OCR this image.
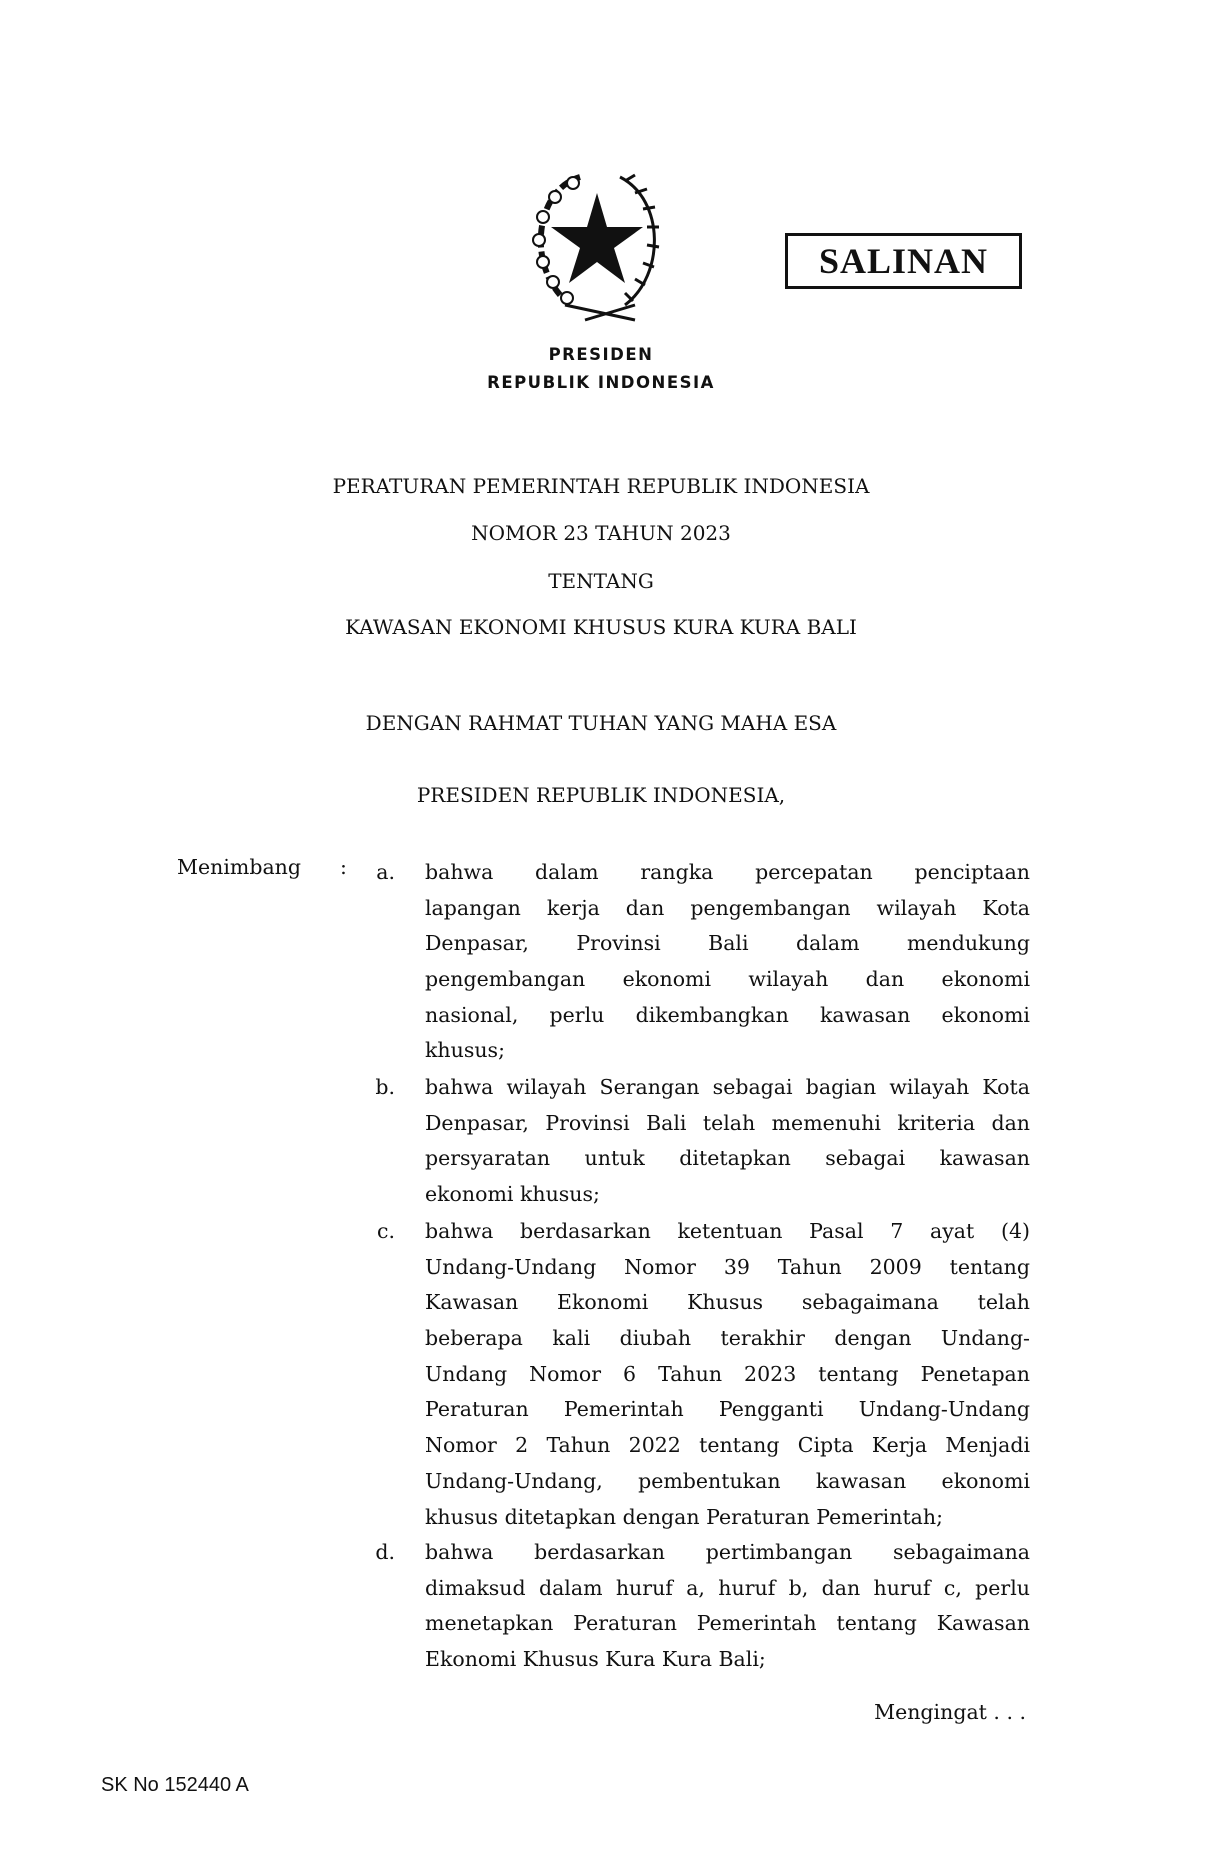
PRESIDEN
REPUBLIK INDONESIA
SALINAN
PERATURAN PEMERINTAH REPUBLIK INDONESIA
NOMOR 23 TAHUN 2023
TENTANG
KAWASAN EKONOMI KHUSUS KURA KURA BALI
DENGAN RAHMAT TUHAN YANG MAHA ESA
PRESIDEN REPUBLIK INDONESIA,
Menimbang :	a. bahwa dalam rangka percepatan penciptaan
lapangan kerja dan pengembangan wilayah Kota
Denpasar, Provinsi Bali dalam mendukung
pengembangan ekonomi wilayah dan ekonomi
nasional, perlu dikembangkan kawasan ekonomi
khusus;
b. bahwa wilayah Serangan sebagai bagian wilayah Kota
Denpasar, Provinsi Bali telah memenuhi kriteria dan
persyaratan untuk ditetapkan sebagai kawasan
ekonomi khusus;
c. bahwa berdasarkan ketentuan Pasal 7 ayat (4)
Undang-Undang Nomor 39 Tahun 2009 tentang
Kawasan Ekonomi Khusus sebagaimana telah
beberapa kali diubah terakhir dengan Undang-
Undang Nomor 6 Tahun 2023 tentang Penetapan
Peraturan Pemerintah Pengganti Undang-Undang
Nomor 2 Tahun 2022 tentang Cipta Kerja Menjadi
Undang-Undang, pembentukan kawasan ekonomi
khusus ditetapkan dengan Peraturan Pemerintah;
d. bahwa berdasarkan pertimbangan sebagaimana
dimaksud dalam huruf a, huruf b, dan huruf c, perlu
menetapkan Peraturan Pemerintah tentang Kawasan
Ekonomi Khusus Kura Kura Bali;
Mengingat . . .
SK No 152440 A
